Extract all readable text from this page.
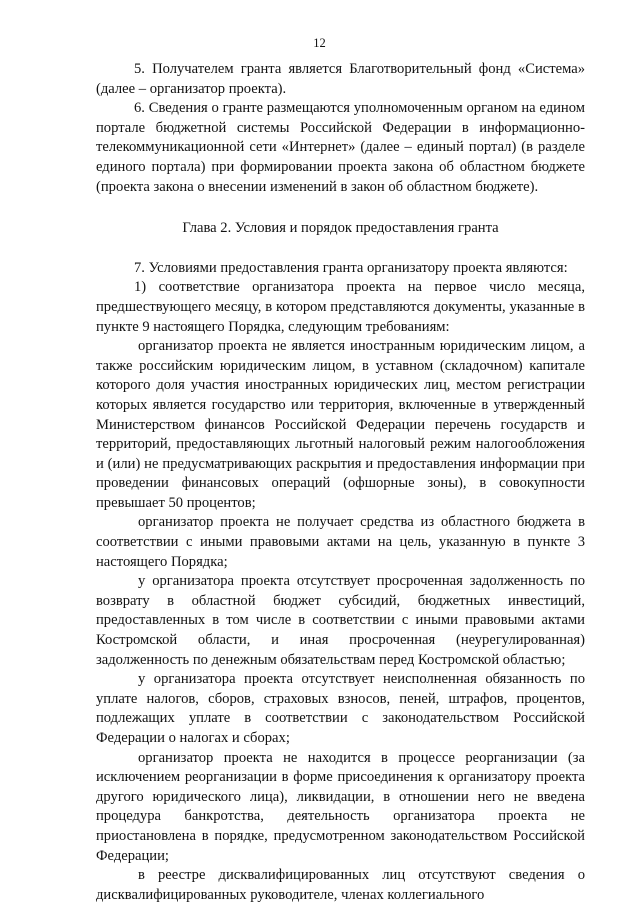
12

5. Получателем гранта является Благотворительный фонд «Система» (далее – организатор проекта).

6. Сведения о гранте размещаются уполномоченным органом на едином портале бюджетной системы Российской Федерации в информационно-телекоммуникационной сети «Интернет» (далее – единый портал) (в разделе единого портала) при формировании проекта закона об областном бюджете (проекта закона о внесении изменений в закон об областном бюджете).

Глава 2. Условия и порядок предоставления гранта

7. Условиями предоставления гранта организатору проекта являются:

1) соответствие организатора проекта на первое число месяца, предшествующего месяцу, в котором представляются документы, указанные в пункте 9 настоящего Порядка, следующим требованиям:

организатор проекта не является иностранным юридическим лицом, а также российским юридическим лицом, в уставном (складочном) капитале которого доля участия иностранных юридических лиц, местом регистрации которых является государство или территория, включенные в утвержденный Министерством финансов Российской Федерации перечень государств и территорий, предоставляющих льготный налоговый режим налогообложения и (или) не предусматривающих раскрытия и предоставления информации при проведении финансовых операций (офшорные зоны), в совокупности превышает 50 процентов;

организатор проекта не получает средства из областного бюджета в соответствии с иными правовыми актами на цель, указанную в пункте 3 настоящего Порядка;

у организатора проекта отсутствует просроченная задолженность по возврату в областной бюджет субсидий, бюджетных инвестиций, предоставленных в том числе в соответствии с иными правовыми актами Костромской области, и иная просроченная (неурегулированная) задолженность по денежным обязательствам перед Костромской областью;

у организатора проекта отсутствует неисполненная обязанность по уплате налогов, сборов, страховых взносов, пеней, штрафов, процентов, подлежащих уплате в соответствии с законодательством Российской Федерации о налогах и сборах;

организатор проекта не находится в процессе реорганизации (за исключением реорганизации в форме присоединения к организатору проекта другого юридического лица), ликвидации, в отношении него не введена процедура банкротства, деятельность организатора проекта не приостановлена в порядке, предусмотренном законодательством Российской Федерации;

в реестре дисквалифицированных лиц отсутствуют сведения о дисквалифицированных руководителе, членах коллегиального
